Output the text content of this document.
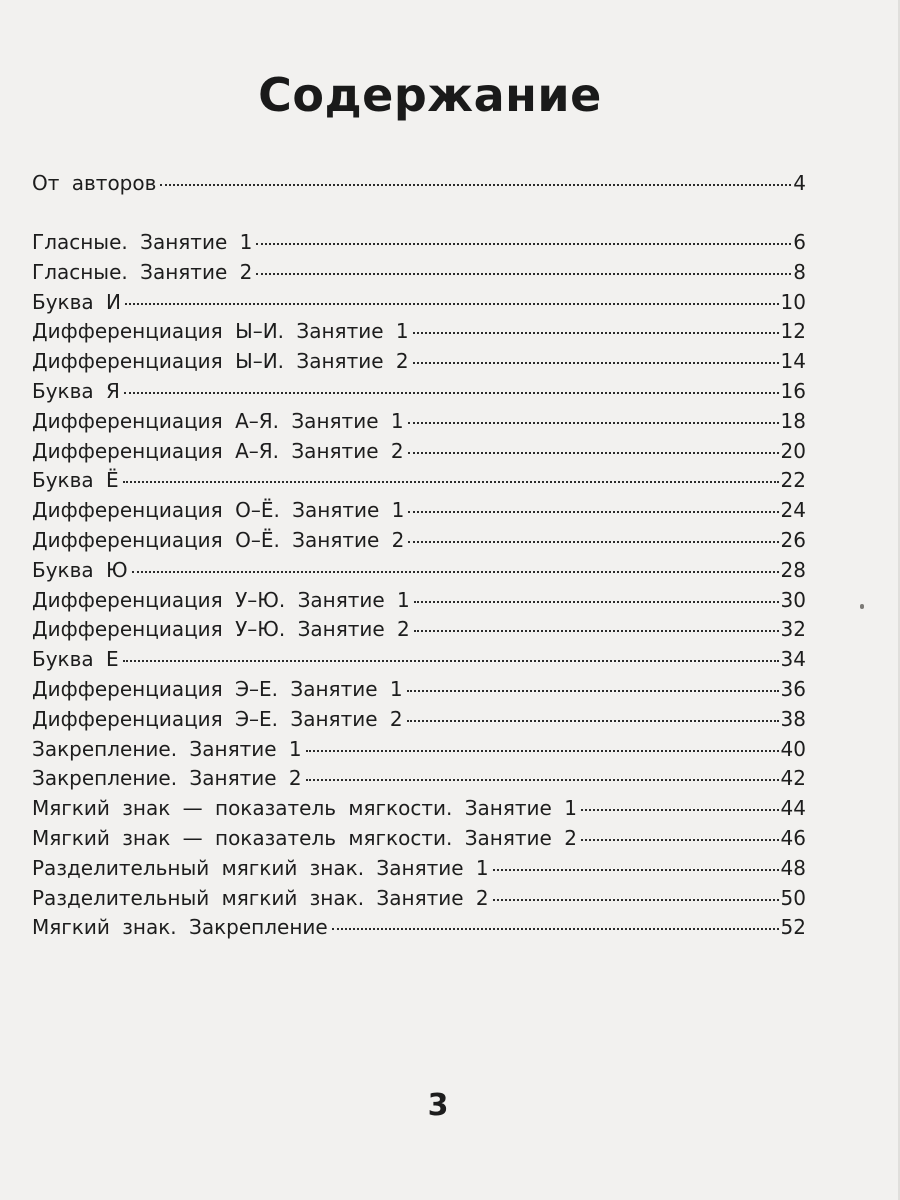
Содержание
От авторов	4
Гласные. Занятие 1	6
Гласные. Занятие 2	8
Буква И	10
Дифференциация Ы–И. Занятие 1	12
Дифференциация Ы–И. Занятие 2	14
Буква Я	16
Дифференциация А–Я. Занятие 1	18
Дифференциация А–Я. Занятие 2	20
Буква Ё	22
Дифференциация О–Ё. Занятие 1	24
Дифференциация О–Ё. Занятие 2	26
Буква Ю	28
Дифференциация У–Ю. Занятие 1	30
Дифференциация У–Ю. Занятие 2	32
Буква Е	34
Дифференциация Э–Е. Занятие 1	36
Дифференциация Э–Е. Занятие 2	38
Закрепление. Занятие 1	40
Закрепление. Занятие 2	42
Мягкий знак — показатель мягкости. Занятие 1	44
Мягкий знак — показатель мягкости. Занятие 2	46
Разделительный мягкий знак. Занятие 1	48
Разделительный мягкий знак. Занятие 2	50
Мягкий знак. Закрепление	52
3
